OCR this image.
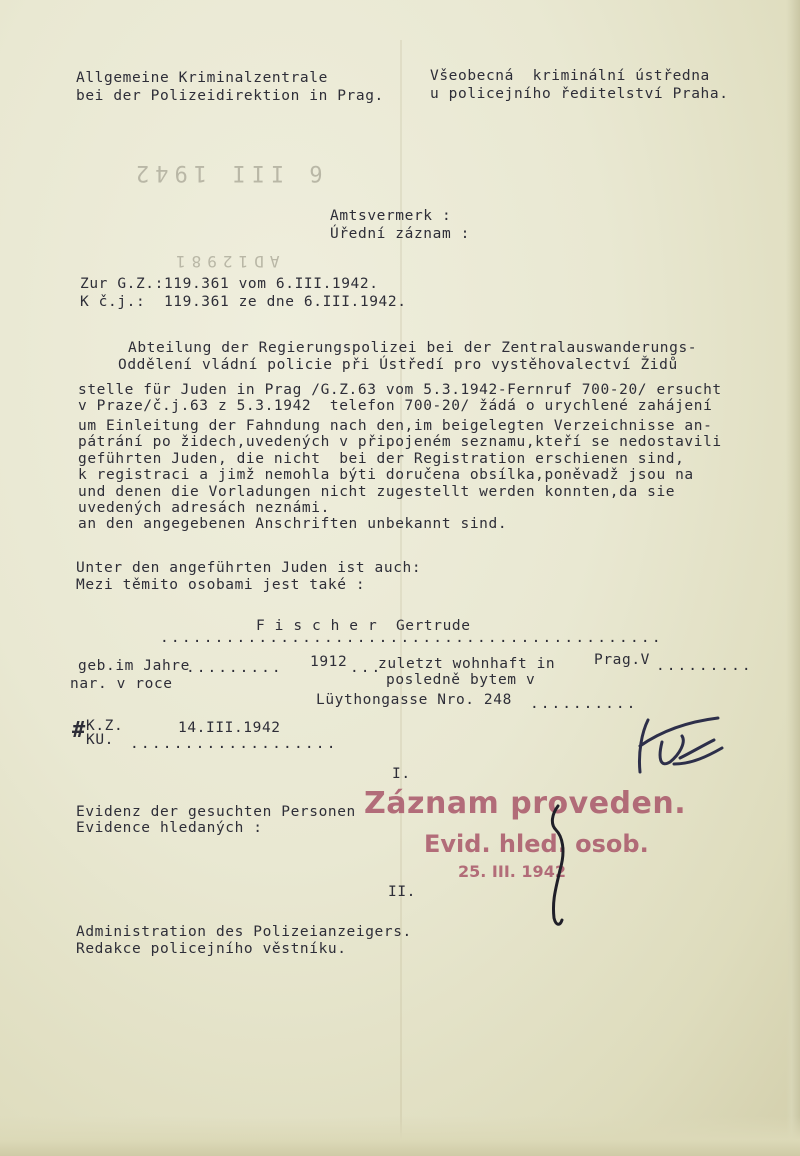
Allgemeine Kriminalzentrale
bei der Polizeidirektion in Prag.
Všeobecná  kriminální ústředna
u policejního ředitelství Praha.
6 III 1942
AD12981
Amtsvermerk :
Úřední záznam :
Zur G.Z.:119.361 vom 6.III.1942.
K č.j.:  119.361 ze dne 6.III.1942.
Abteilung der Regierungspolizei bei der Zentralauswanderungs-
Oddělení vládní policie při Ústředí pro vystěhovalectví Židů
stelle für Juden in Prag /G.Z.63 vom 5.3.1942-Fernruf 700-20/ ersucht
v Praze/č.j.63 z 5.3.1942  telefon 700-20/ žádá o urychlené zahájení
um Einleitung der Fahndung nach den,im beigelegten Verzeichnisse an-
pátrání po židech,uvedených v připojeném seznamu,kteří se nedostavili
geführten Juden, die nicht  bei der Registration erschienen sind,
k registraci a jimž nemohla býti doručena obsílka,poněvadž jsou na
und denen die Vorladungen nicht zugestellt werden konnten,da sie
uvedených adresách neznámi.
an den angegebenen Anschriften unbekannt sind.
Unter den angeführten Juden ist auch:
Mezi těmito osobami jest také :
F i s c h e r  Gertrude
..............................................
geb.im Jahre
......... 1912 ...
zuletzt wohnhaft in	Prag.V .........
nar. v roce	posledně bytem v
Lüythongasse Nro. 248 ..........
K.Z.
KU.
#	14.III.1942
...................
I.
Evidenz der gesuchten Personen
Evidence hledaných :
Záznam proveden.
Evid. hled. osob.
25. III. 1942
II.
Administration des Polizeianzeigers.
Redakce policejního věstníku.
